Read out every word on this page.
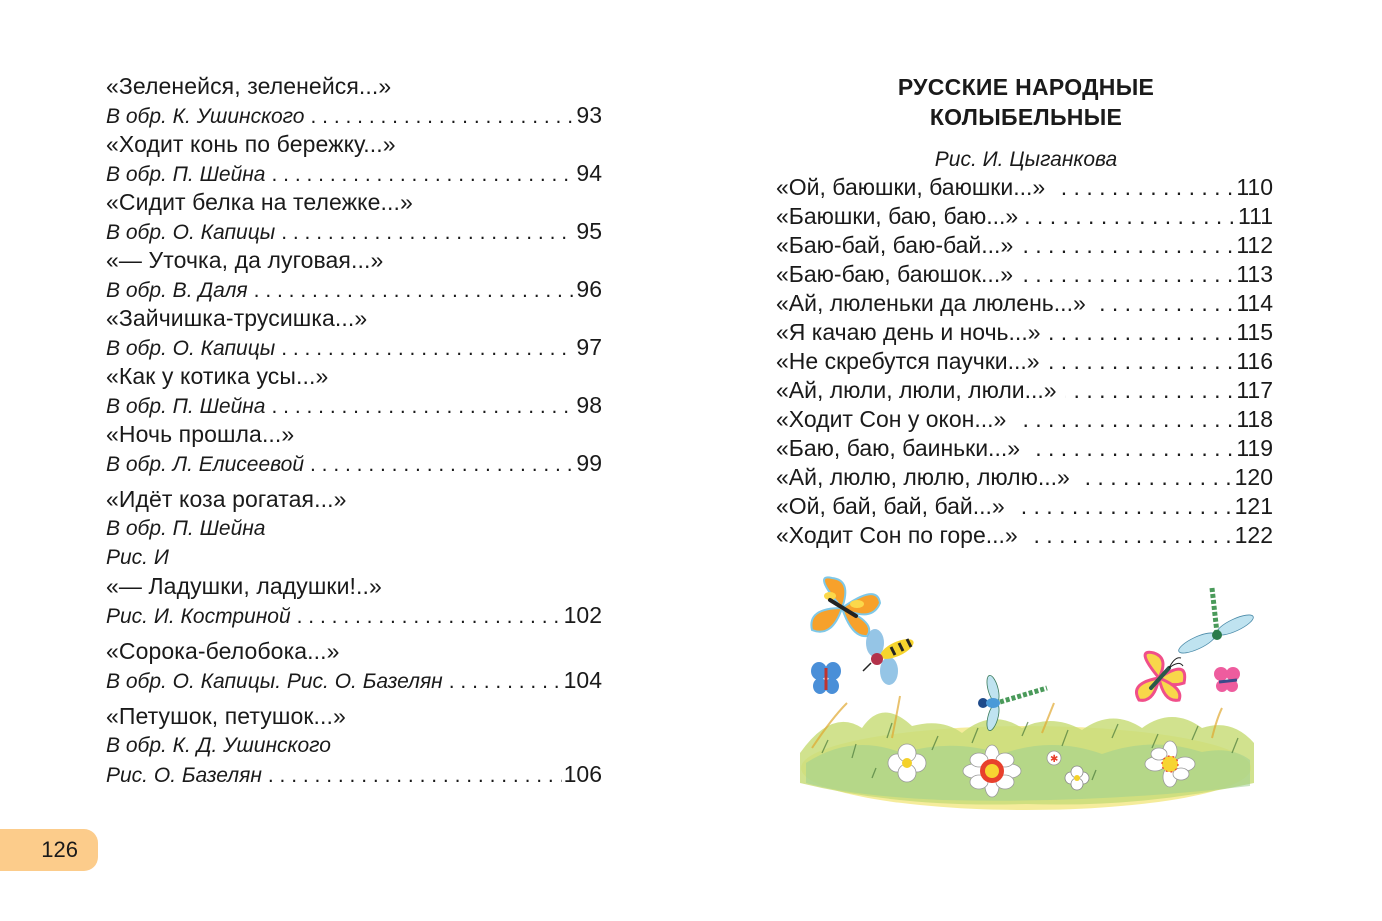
«Зеленейся, зеленейся...»
В обр. К. Ушинского . . .	93
«Ходит конь по бережку...»
В обр. П. Шейна . . .	94
«Сидит белка на тележке...»
В обр. О. Капицы . . .	95
«— Уточка, да луговая...»
В обр. В. Даля . . .	96
«Зайчишка-трусишка...»
В обр. О. Капицы . . .	97
«Как у котика усы...»
В обр. П. Шейна . . .	98
«Ночь прошла...»
В обр. Л. Елисеевой . . .	99
«Идёт коза рогатая...»
В обр. П. Шейна
Рис. И
«— Ладушки, ладушки!..»
Рис. И. Костриной . . .	102
«Сорока-белобока...»
В обр. О. Капицы. Рис. О. Базелян . . .	104
«Петушок, петушок...»
В обр. К. Д. Ушинского
Рис. О. Базелян . . .	106
126
РУССКИЕ НАРОДНЫЕ
КОЛЫБЕЛЬНЫЕ
Рис. И. Цыганкова
«Ой, баюшки, баюшки...» . . .	110
«Баюшки, баю, баю...» . . .	111
«Баю-бай, баю-бай...» . . .	112
«Баю-баю, баюшок...» . . .	113
«Ай, люленьки да люлень...» . . .	114
«Я качаю день и ночь...» . . .	115
«Не скребутся паучки...» . . .	116
«Ай, люли, люли, люли...» . . .	117
«Ходит Сон у окон...» . . .	118
«Баю, баю, баиньки...» . . .	119
«Ай, люлю, люлю, люлю...» . . .	120
«Ой, бай, бай, бай...» . . .	121
«Ходит Сон по горе...» . . .	122
✱
